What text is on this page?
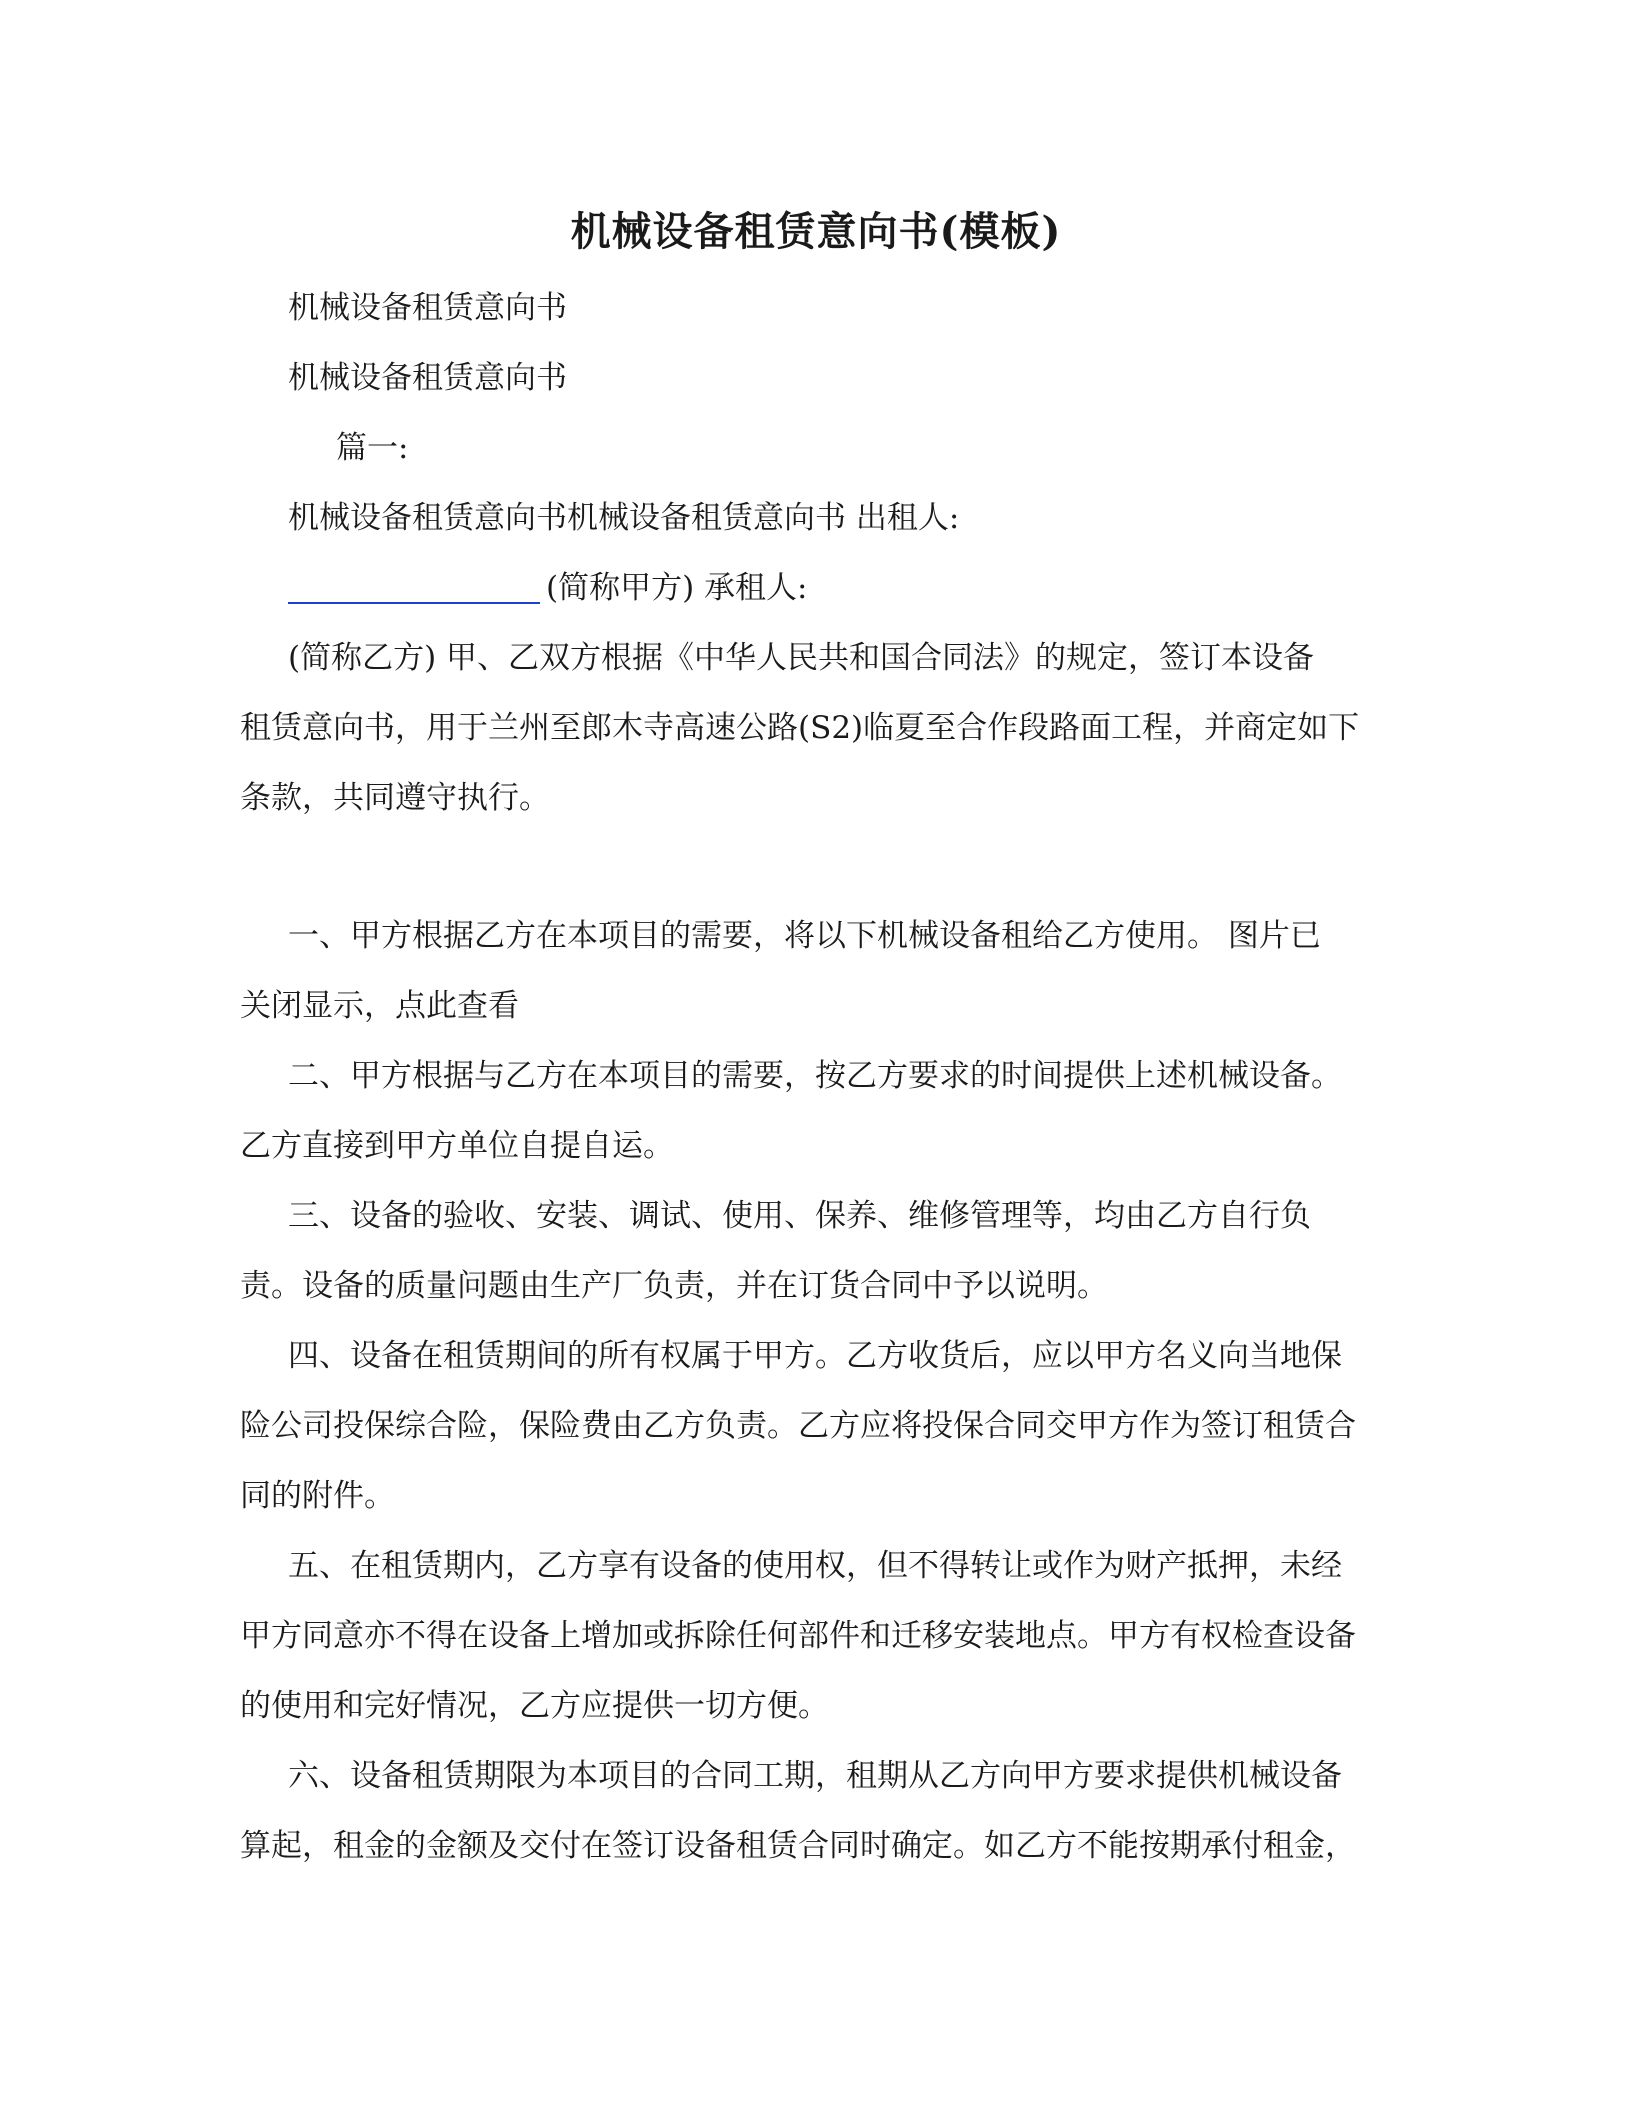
机械设备租赁意向书(模板)
机械设备租赁意向书
机械设备租赁意向书
篇一:
机械设备租赁意向书机械设备租赁意向书 出租人:
(简称甲方) 承租人:
(简称乙方) 甲、乙双方根据《中华人民共和国合同法》的规定，签订本设备
租赁意向书，用于兰州至郎木寺高速公路(S2)临夏至合作段路面工程，并商定如下
条款，共同遵守执行。
一、甲方根据乙方在本项目的需要，将以下机械设备租给乙方使用。 图片已
关闭显示，点此查看
二、甲方根据与乙方在本项目的需要，按乙方要求的时间提供上述机械设备。
乙方直接到甲方单位自提自运。
三、设备的验收、安装、调试、使用、保养、维修管理等，均由乙方自行负
责。设备的质量问题由生产厂负责，并在订货合同中予以说明。
四、设备在租赁期间的所有权属于甲方。乙方收货后，应以甲方名义向当地保
险公司投保综合险，保险费由乙方负责。乙方应将投保合同交甲方作为签订租赁合
同的附件。
五、在租赁期内，乙方享有设备的使用权，但不得转让或作为财产抵押，未经
甲方同意亦不得在设备上增加或拆除任何部件和迁移安装地点。甲方有权检查设备
的使用和完好情况，乙方应提供一切方便。
六、设备租赁期限为本项目的合同工期，租期从乙方向甲方要求提供机械设备
算起，租金的金额及交付在签订设备租赁合同时确定。如乙方不能按期承付租金，
